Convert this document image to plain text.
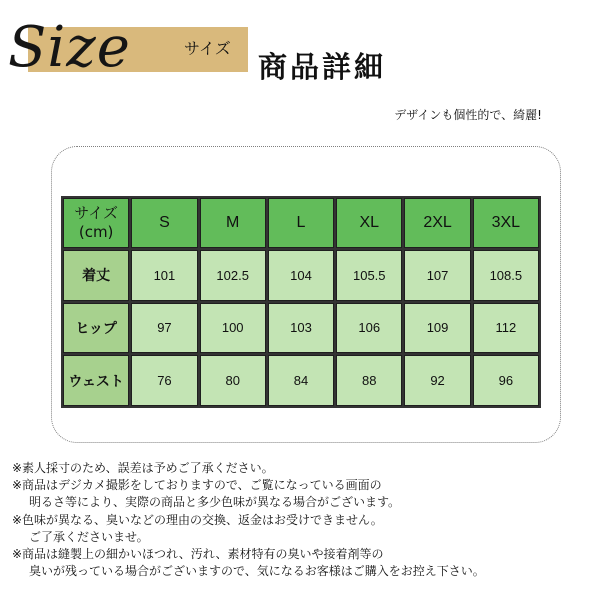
Size	サイズ
商品詳細
デザインも個性的で、綺麗!
サイズ
(cm)	S	M	L	XL	2XL	3XL
着丈	101	102.5	104	105.5	107	108.5
ヒップ	97	100	103	106	109	112
ウェスト	76	80	84	88	92	96
※素人採寸のため、誤差は予めご了承ください。
※商品はデジカメ撮影をしておりますので、ご覧になっている画面の
明るさ等により、実際の商品と多少色味が異なる場合がございます。
※色味が異なる、臭いなどの理由の交換、返金はお受けできません。
ご了承くださいませ。
※商品は縫製上の細かいほつれ、汚れ、素材特有の臭いや接着剤等の
臭いが残っている場合がございますので、気になるお客様はご購入をお控え下さい。
